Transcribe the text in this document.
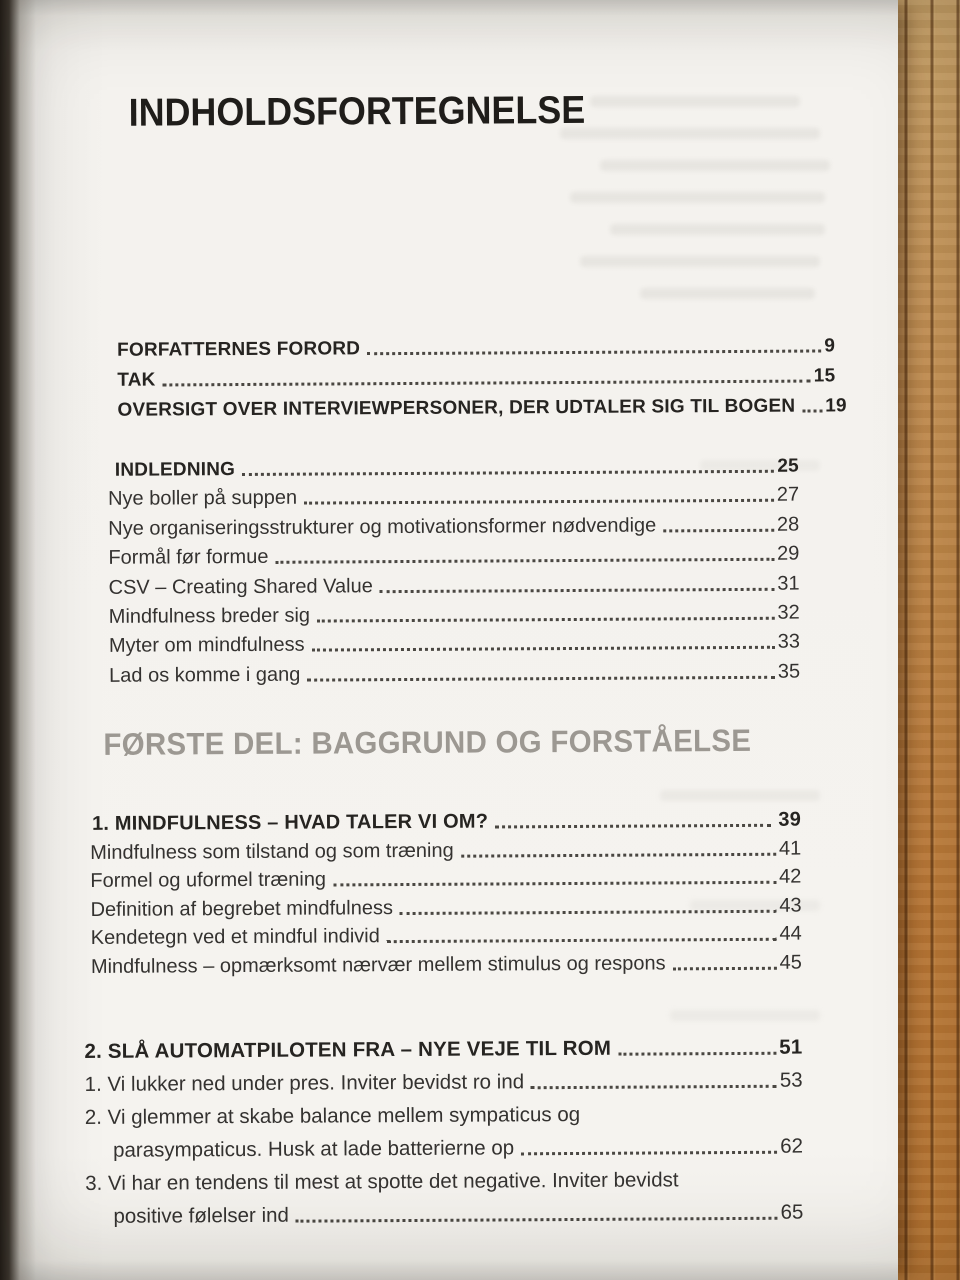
INDHOLDSFORTEGNELSE
FORFATTERNES FORORD	9
TAK	15
OVERSIGT OVER INTERVIEWPERSONER, DER UDTALER SIG TIL BOGEN 19
INDLEDNING	25
Nye boller på suppen	27
Nye organiseringsstrukturer og motivationsformer nødvendige	28
Formål før formue	29
CSV – Creating Shared Value	31
Mindfulness breder sig	32
Myter om mindfulness	33
Lad os komme i gang	35
FØRSTE DEL: BAGGRUND OG FORSTÅELSE
1. MINDFULNESS – HVAD TALER VI OM?	39
Mindfulness som tilstand og som træning	41
Formel og uformel træning	42
Definition af begrebet mindfulness	43
Kendetegn ved et mindful individ	44
Mindfulness – opmærksomt nærvær mellem stimulus og respons	45
2. SLÅ AUTOMATPILOTEN FRA – NYE VEJE TIL ROM	51
1. Vi lukker ned under pres. Inviter bevidst ro ind	53
2. Vi glemmer at skabe balance mellem sympaticus og
parasympaticus. Husk at lade batterierne op	62
3. Vi har en tendens til mest at spotte det negative. Inviter bevidst
positive følelser ind	65
